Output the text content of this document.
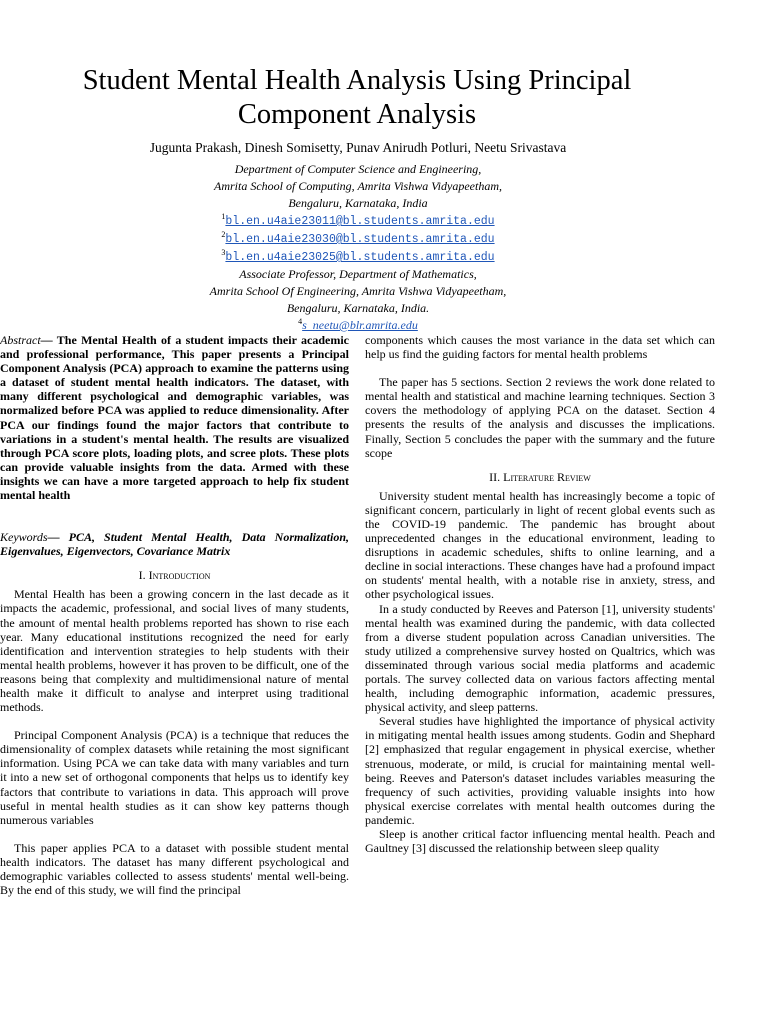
Student Mental Health Analysis Using Principal Component Analysis
Jugunta Prakash, Dinesh Somisetty, Punav Anirudh Potluri, Neetu Srivastava
Department of Computer Science and Engineering,
Amrita School of Computing, Amrita Vishwa Vidyapeetham,
Bengaluru, Karnataka, India
$^1$bl.en.u4aie23011@bl.students.amrita.edu
$^2$bl.en.u4aie23030@bl.students.amrita.edu
$^3$bl.en.u4aie23025@bl.students.amrita.edu
Associate Professor, Department of Mathematics,
Amrita School Of Engineering, Amrita Vishwa Vidyapeetham,
Bengaluru, Karnataka, India.
$^4$s_neetu@blr.amrita.edu

Abstract— The Mental Health of a student impacts their academic and professional performance, This paper presents a Principal Component Analysis (PCA) approach to examine the patterns using a dataset of student mental health indicators. The dataset, with many different psychological and demographic variables, was normalized before PCA was applied to reduce dimensionality. After PCA our findings found the major factors that contribute to variations in a student's mental health. The results are visualized through PCA score plots, loading plots, and scree plots. These plots can provide valuable insights from the data. Armed with these insights we can have a more targeted approach to help fix student mental health

Keywords— PCA, Student Mental Health, Data Normalization, Eigenvalues, Eigenvectors, Covariance Matrix

I. Introduction

Mental Health has been a growing concern in the last decade as it impacts the academic, professional, and social lives of many students, the amount of mental health problems reported has shown to rise each year. Many educational institutions recognized the need for early identification and intervention strategies to help students with their mental health problems, however it has proven to be difficult, one of the reasons being that complexity and multidimensional nature of mental health make it difficult to analyse and interpret using traditional methods.

Principal Component Analysis (PCA) is a technique that reduces the dimensionality of complex datasets while retaining the most significant information. Using PCA we can take data with many variables and turn it into a new set of orthogonal components that helps us to identify key factors that contribute to variations in data. This approach will prove useful in mental health studies as it can show key patterns though numerous variables

This paper applies PCA to a dataset with possible student mental health indicators. The dataset has many different psychological and demographic variables collected to assess students' mental well-being. By the end of this study, we will find the principal

components which causes the most variance in the data set which can help us find the guiding factors for mental health problems

The paper has 5 sections. Section 2 reviews the work done related to mental health and statistical and machine learning techniques. Section 3 covers the methodology of applying PCA on the dataset. Section 4 presents the results of the analysis and discusses the implications. Finally, Section 5 concludes the paper with the summary and the future scope

II. Literature Review

University student mental health has increasingly become a topic of significant concern, particularly in light of recent global events such as the COVID-19 pandemic. The pandemic has brought about unprecedented changes in the educational environment, leading to disruptions in academic schedules, shifts to online learning, and a decline in social interactions. These changes have had a profound impact on students' mental health, with a notable rise in anxiety, stress, and other psychological issues.

In a study conducted by Reeves and Paterson [1], university students' mental health was examined during the pandemic, with data collected from a diverse student population across Canadian universities. The study utilized a comprehensive survey hosted on Qualtrics, which was disseminated through various social media platforms and academic portals. The survey collected data on various factors affecting mental health, including demographic information, academic pressures, physical activity, and sleep patterns.

Several studies have highlighted the importance of physical activity in mitigating mental health issues among students. Godin and Shephard [2] emphasized that regular engagement in physical exercise, whether strenuous, moderate, or mild, is crucial for maintaining mental well-being. Reeves and Paterson's dataset includes variables measuring the frequency of such activities, providing valuable insights into how physical exercise correlates with mental health outcomes during the pandemic.

Sleep is another critical factor influencing mental health. Peach and Gaultney [3] discussed the relationship between sleep quality
